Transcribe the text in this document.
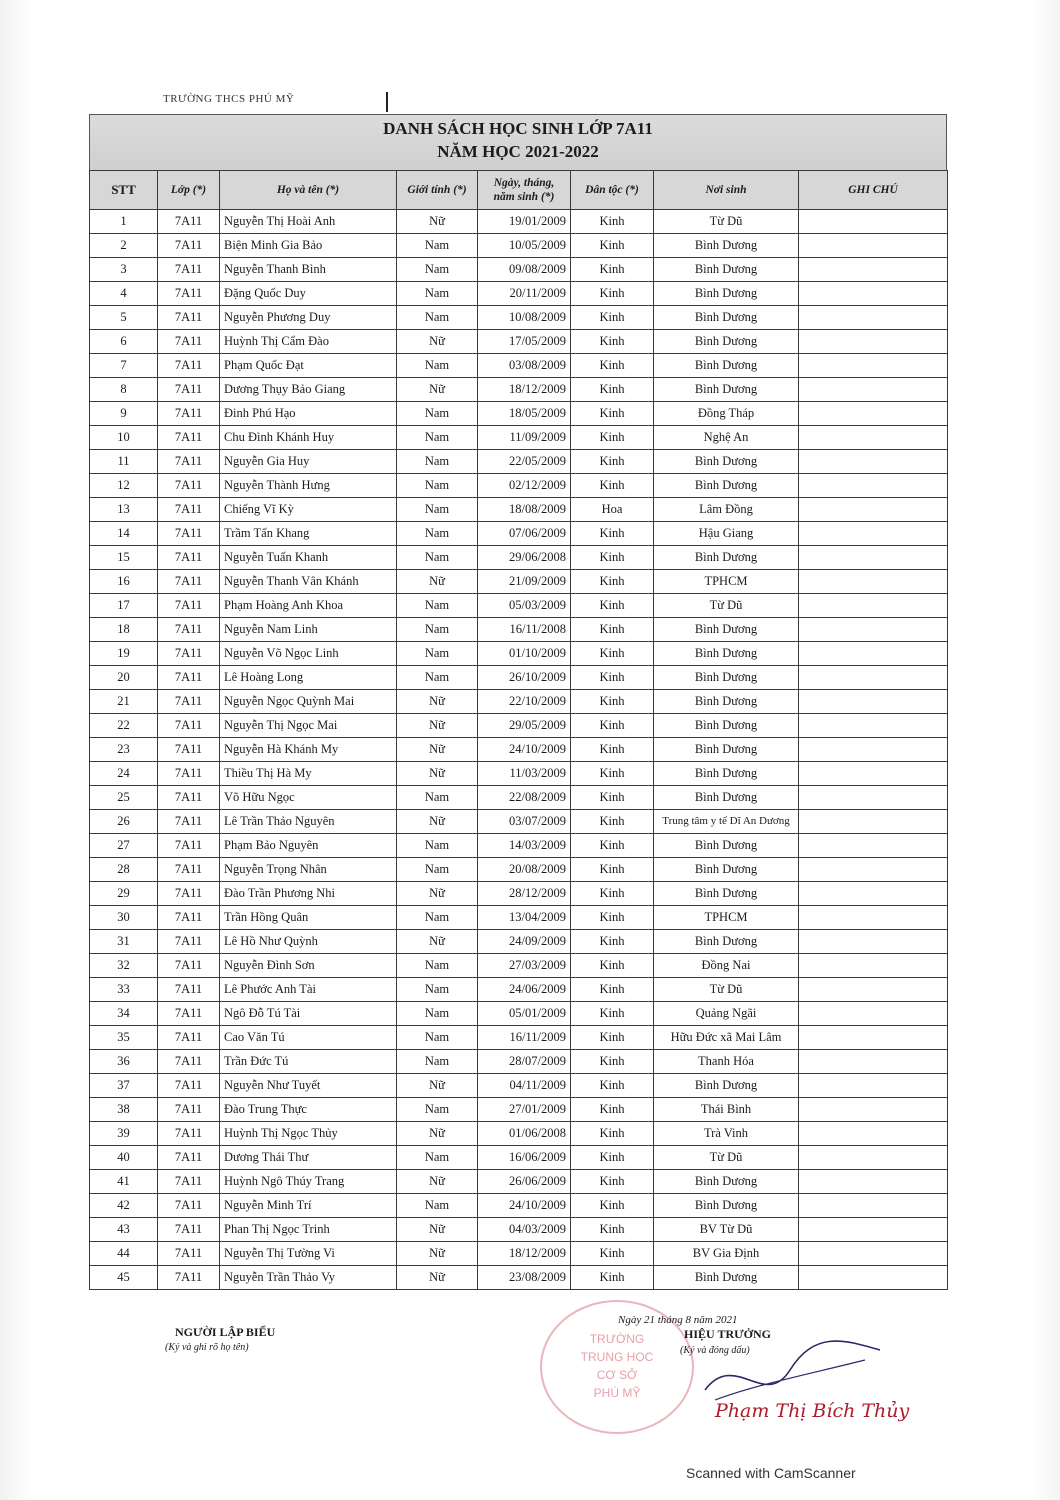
TRƯỜNG THCS PHÚ MỸ
DANH SÁCH HỌC SINH LỚP 7A11
NĂM HỌC 2021-2022
STT	Lớp (*)	Họ và tên (*)	Giới tính (*)	Ngày, tháng, năm sinh (*)	Dân tộc (*)	Nơi sinh	GHI CHÚ
1	7A11	Nguyễn Thị Hoài Anh	Nữ	19/01/2009	Kinh	Từ Dũ	
2	7A11	Biện Minh Gia Bảo	Nam	10/05/2009	Kinh	Bình Dương	
3	7A11	Nguyễn Thanh Bình	Nam	09/08/2009	Kinh	Bình Dương	
4	7A11	Đặng Quốc Duy	Nam	20/11/2009	Kinh	Bình Dương	
5	7A11	Nguyễn Phương Duy	Nam	10/08/2009	Kinh	Bình Dương	
6	7A11	Huỳnh Thị Cẩm Đào	Nữ	17/05/2009	Kinh	Bình Dương	
7	7A11	Phạm Quốc Đạt	Nam	03/08/2009	Kinh	Bình Dương	
8	7A11	Dương Thụy Bảo Giang	Nữ	18/12/2009	Kinh	Bình Dương	
9	7A11	Đinh Phú Hạo	Nam	18/05/2009	Kinh	Đồng Tháp	
10	7A11	Chu Đình Khánh Huy	Nam	11/09/2009	Kinh	Nghệ An	
11	7A11	Nguyễn Gia Huy	Nam	22/05/2009	Kinh	Bình Dương	
12	7A11	Nguyễn Thành Hưng	Nam	02/12/2009	Kinh	Bình Dương	
13	7A11	Chiếng Vĩ Kỳ	Nam	18/08/2009	Hoa	Lâm Đồng	
14	7A11	Trầm Tấn Khang	Nam	07/06/2009	Kinh	Hậu Giang	
15	7A11	Nguyễn Tuấn Khanh	Nam	29/06/2008	Kinh	Bình Dương	
16	7A11	Nguyễn Thanh Vân Khánh	Nữ	21/09/2009	Kinh	TPHCM	
17	7A11	Phạm Hoàng Anh Khoa	Nam	05/03/2009	Kinh	Từ Dũ	
18	7A11	Nguyễn Nam Linh	Nam	16/11/2008	Kinh	Bình Dương	
19	7A11	Nguyễn Võ Ngọc Linh	Nam	01/10/2009	Kinh	Bình Dương	
20	7A11	Lê Hoàng Long	Nam	26/10/2009	Kinh	Bình Dương	
21	7A11	Nguyễn Ngọc Quỳnh Mai	Nữ	22/10/2009	Kinh	Bình Dương	
22	7A11	Nguyễn Thị Ngọc Mai	Nữ	29/05/2009	Kinh	Bình Dương	
23	7A11	Nguyễn Hà Khánh My	Nữ	24/10/2009	Kinh	Bình Dương	
24	7A11	Thiều Thị Hà My	Nữ	11/03/2009	Kinh	Bình Dương	
25	7A11	Võ Hữu Ngọc	Nam	22/08/2009	Kinh	Bình Dương	
26	7A11	Lê Trần Thảo Nguyên	Nữ	03/07/2009	Kinh	Trung tâm y tế Dĩ An Dương	
27	7A11	Phạm Bảo Nguyên	Nam	14/03/2009	Kinh	Bình Dương	
28	7A11	Nguyễn Trọng Nhân	Nam	20/08/2009	Kinh	Bình Dương	
29	7A11	Đào Trần Phương Nhi	Nữ	28/12/2009	Kinh	Bình Dương	
30	7A11	Trần Hồng Quân	Nam	13/04/2009	Kinh	TPHCM	
31	7A11	Lê Hồ Như Quỳnh	Nữ	24/09/2009	Kinh	Bình Dương	
32	7A11	Nguyễn Đình Sơn	Nam	27/03/2009	Kinh	Đồng Nai	
33	7A11	Lê Phước Anh Tài	Nam	24/06/2009	Kinh	Từ Dũ	
34	7A11	Ngô Đỗ Tú Tài	Nam	05/01/2009	Kinh	Quảng Ngãi	
35	7A11	Cao Văn Tú	Nam	16/11/2009	Kinh	Hữu Đức xã Mai Lâm	
36	7A11	Trần Đức Tú	Nam	28/07/2009	Kinh	Thanh Hóa	
37	7A11	Nguyễn Như Tuyết	Nữ	04/11/2009	Kinh	Bình Dương	
38	7A11	Đào Trung Thực	Nam	27/01/2009	Kinh	Thái Bình	
39	7A11	Huỳnh Thị Ngọc Thủy	Nữ	01/06/2008	Kinh	Trà Vinh	
40	7A11	Dương Thái Thư	Nam	16/06/2009	Kinh	Từ Dũ	
41	7A11	Huỳnh Ngô Thúy Trang	Nữ	26/06/2009	Kinh	Bình Dương	
42	7A11	Nguyễn Minh Trí	Nam	24/10/2009	Kinh	Bình Dương	
43	7A11	Phan Thị Ngọc Trinh	Nữ	04/03/2009	Kinh	BV Từ Dũ	
44	7A11	Nguyễn Thị Tường Vi	Nữ	18/12/2009	Kinh	BV Gia Định	
45	7A11	Nguyễn Trần Thảo Vy	Nữ	23/08/2009	Kinh	Bình Dương	
NGƯỜI LẬP BIỂU
(Ký và ghi rõ họ tên)
TRƯỜNG
TRUNG HỌC
CƠ SỞ
PHÚ MỸ
Ngày 21 tháng 8 năm 2021
HIỆU TRƯỞNG
(Ký và đóng dấu)
Phạm Thị Bích Thủy
Scanned with CamScanner
